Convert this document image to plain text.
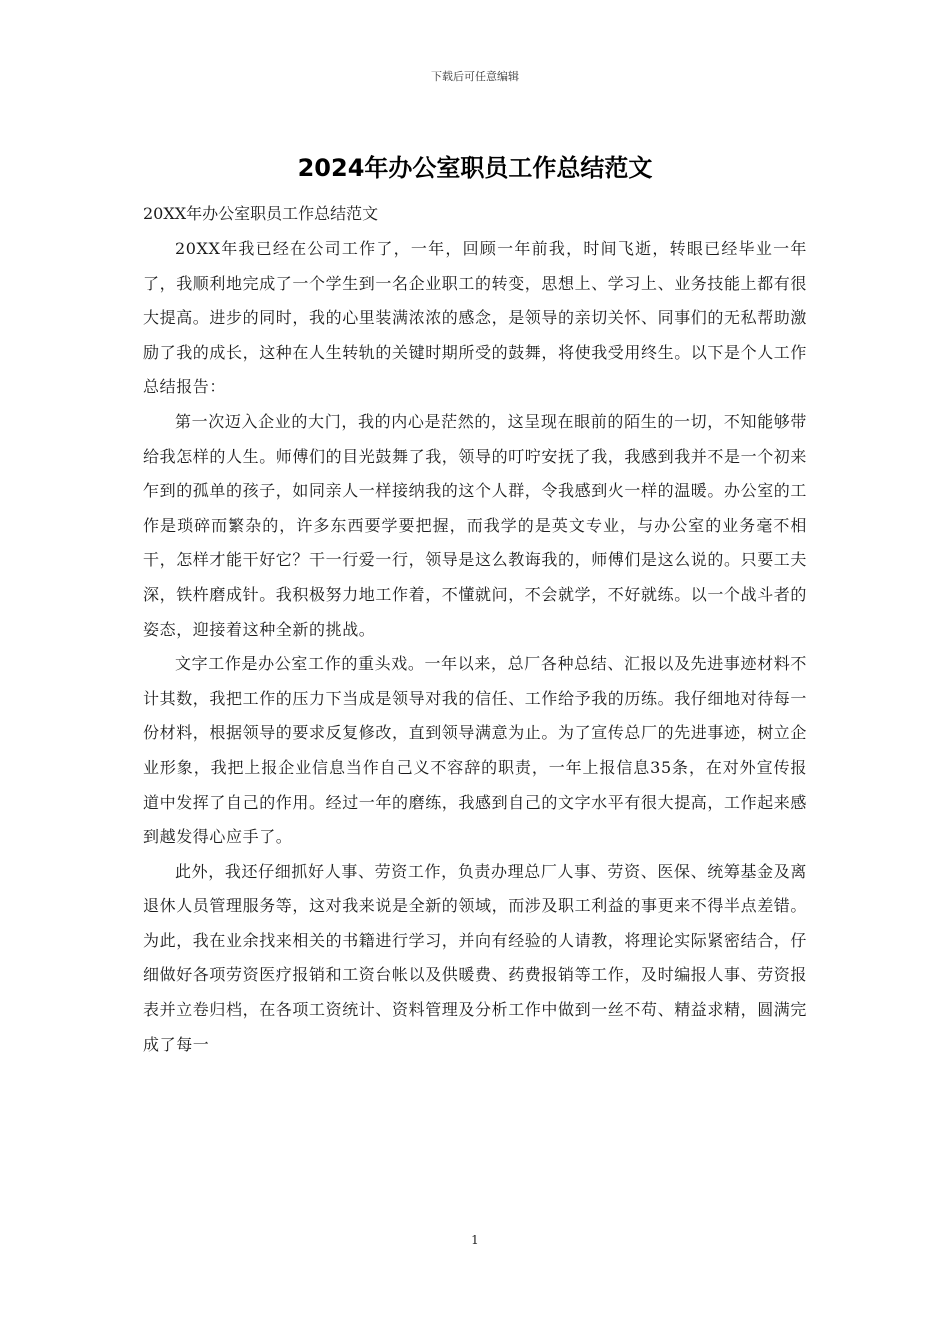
下载后可任意编辑
2024年办公室职员工作总结范文
20XX年办公室职员工作总结范文

20XX年我已经在公司工作了，一年，回顾一年前我，时间飞逝，转眼已经毕业一年了，我顺利地完成了一个学生到一名企业职工的转变，思想上、学习上、业务技能上都有很大提高。进步的同时，我的心里装满浓浓的感念，是领导的亲切关怀、同事们的无私帮助激励了我的成长，这种在人生转轨的关键时期所受的鼓舞，将使我受用终生。以下是个人工作总结报告：

第一次迈入企业的大门，我的内心是茫然的，这呈现在眼前的陌生的一切，不知能够带给我怎样的人生。师傅们的目光鼓舞了我，领导的叮咛安抚了我，我感到我并不是一个初来乍到的孤单的孩子，如同亲人一样接纳我的这个人群，令我感到火一样的温暖。办公室的工作是琐碎而繁杂的，许多东西要学要把握，而我学的是英文专业，与办公室的业务毫不相干，怎样才能干好它？干一行爱一行，领导是这么教诲我的，师傅们是这么说的。只要工夫深，铁杵磨成针。我积极努力地工作着，不懂就问，不会就学，不好就练。以一个战斗者的姿态，迎接着这种全新的挑战。

文字工作是办公室工作的重头戏。一年以来，总厂各种总结、汇报以及先进事迹材料不计其数，我把工作的压力下当成是领导对我的信任、工作给予我的历练。我仔细地对待每一份材料，根据领导的要求反复修改，直到领导满意为止。为了宣传总厂的先进事迹，树立企业形象，我把上报企业信息当作自己义不容辞的职责，一年上报信息35条，在对外宣传报道中发挥了自己的作用。经过一年的磨练，我感到自己的文字水平有很大提高，工作起来感到越发得心应手了。

此外，我还仔细抓好人事、劳资工作，负责办理总厂人事、劳资、医保、统筹基金及离退休人员管理服务等，这对我来说是全新的领域，而涉及职工利益的事更来不得半点差错。为此，我在业余找来相关的书籍进行学习，并向有经验的人请教，将理论实际紧密结合，仔细做好各项劳资医疗报销和工资台帐以及供暖费、药费报销等工作，及时编报人事、劳资报表并立卷归档，在各项工资统计、资料管理及分析工作中做到一丝不苟、精益求精，圆满完成了每一

1
